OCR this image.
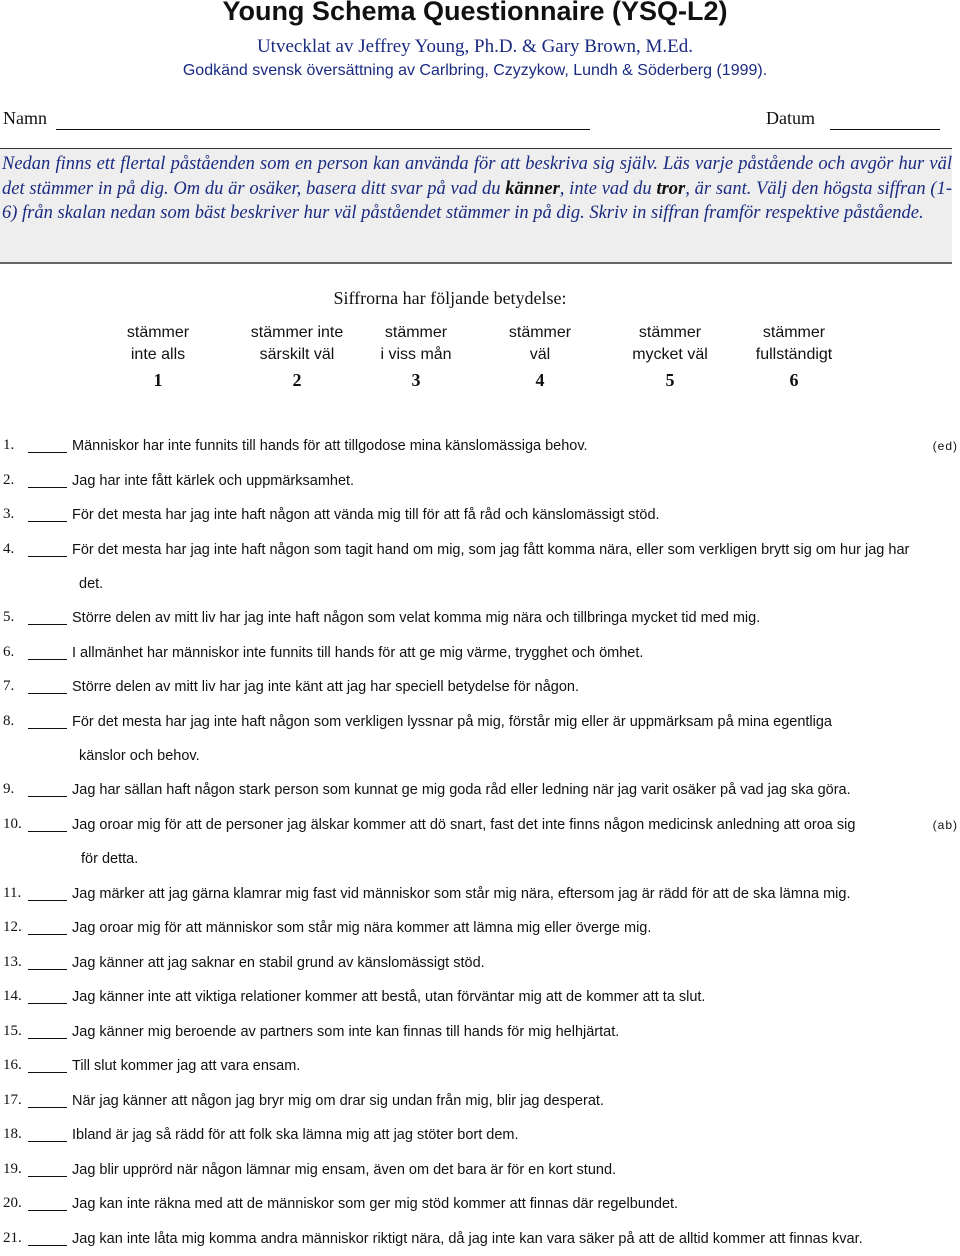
Young Schema Questionnaire (YSQ-L2)
Utvecklat av Jeffrey Young, Ph.D. & Gary Brown, M.Ed.
Godkänd svensk översättning av Carlbring, Czyzykow, Lundh & Söderberg (1999).
Namn	Datum
Nedan finns ett flertal påståenden som en person kan använda för att beskriva sig själv. Läs varje påstående och avgör hur väl det stämmer in på dig. Om du är osäker, basera ditt svar på vad du känner, inte vad du tror, är sant. Välj den högsta siffran (1-6) från skalan nedan som bäst beskriver hur väl påståendet stämmer in på dig. Skriv in siffran framför respektive påstående.
Siffrorna har följande betydelse:
stämmer
inte alls
1
stämmer inte
särskilt väl
2
stämmer
i viss mån
3
stämmer
väl
4
stämmer
mycket väl
5
stämmer
fullständigt
6
1.	Människor har inte funnits till hands för att tillgodose mina känslomässiga behov.	(ed)
2.	Jag har inte fått kärlek och uppmärksamhet.
3.	För det mesta har jag inte haft någon att vända mig till för att få råd och känslomässigt stöd.
4.	För det mesta har jag inte haft någon som tagit hand om mig, som jag fått komma nära, eller som verkligen brytt sig om hur jag har
det.
5.	Större delen av mitt liv har jag inte haft någon som velat komma mig nära och tillbringa mycket tid med mig.
6.	I allmänhet har människor inte funnits till hands för att ge mig värme, trygghet och ömhet.
7.	Större delen av mitt liv har jag inte känt att jag har speciell betydelse för någon.
8.	För det mesta har jag inte haft någon som verkligen lyssnar på mig, förstår mig eller är uppmärksam på mina egentliga
känslor och behov.
9.	Jag har sällan haft någon stark person som kunnat ge mig goda råd eller ledning när jag varit osäker på vad jag ska göra.
10.	Jag oroar mig för att de personer jag älskar kommer att dö snart, fast det inte finns någon medicinsk anledning att oroa sig	(ab)
för detta.
11.	Jag märker att jag gärna klamrar mig fast vid människor som står mig nära, eftersom jag är rädd för att de ska lämna mig.
12.	Jag oroar mig för att människor som står mig nära kommer att lämna mig eller överge mig.
13.	Jag känner att jag saknar en stabil grund av känslomässigt stöd.
14.	Jag känner inte att viktiga relationer kommer att bestå, utan förväntar mig att de kommer att ta slut.
15.	Jag känner mig beroende av partners som inte kan finnas till hands för mig helhjärtat.
16.	Till slut kommer jag att vara ensam.
17.	När jag känner att någon jag bryr mig om drar sig undan från mig, blir jag desperat.
18.	Ibland är jag så rädd för att folk ska lämna mig att jag stöter bort dem.
19.	Jag blir upprörd när någon lämnar mig ensam, även om det bara är för en kort stund.
20.	Jag kan inte räkna med att de människor som ger mig stöd kommer att finnas där regelbundet.
21.	Jag kan inte låta mig komma andra människor riktigt nära, då jag inte kan vara säker på att de alltid kommer att finnas kvar.
